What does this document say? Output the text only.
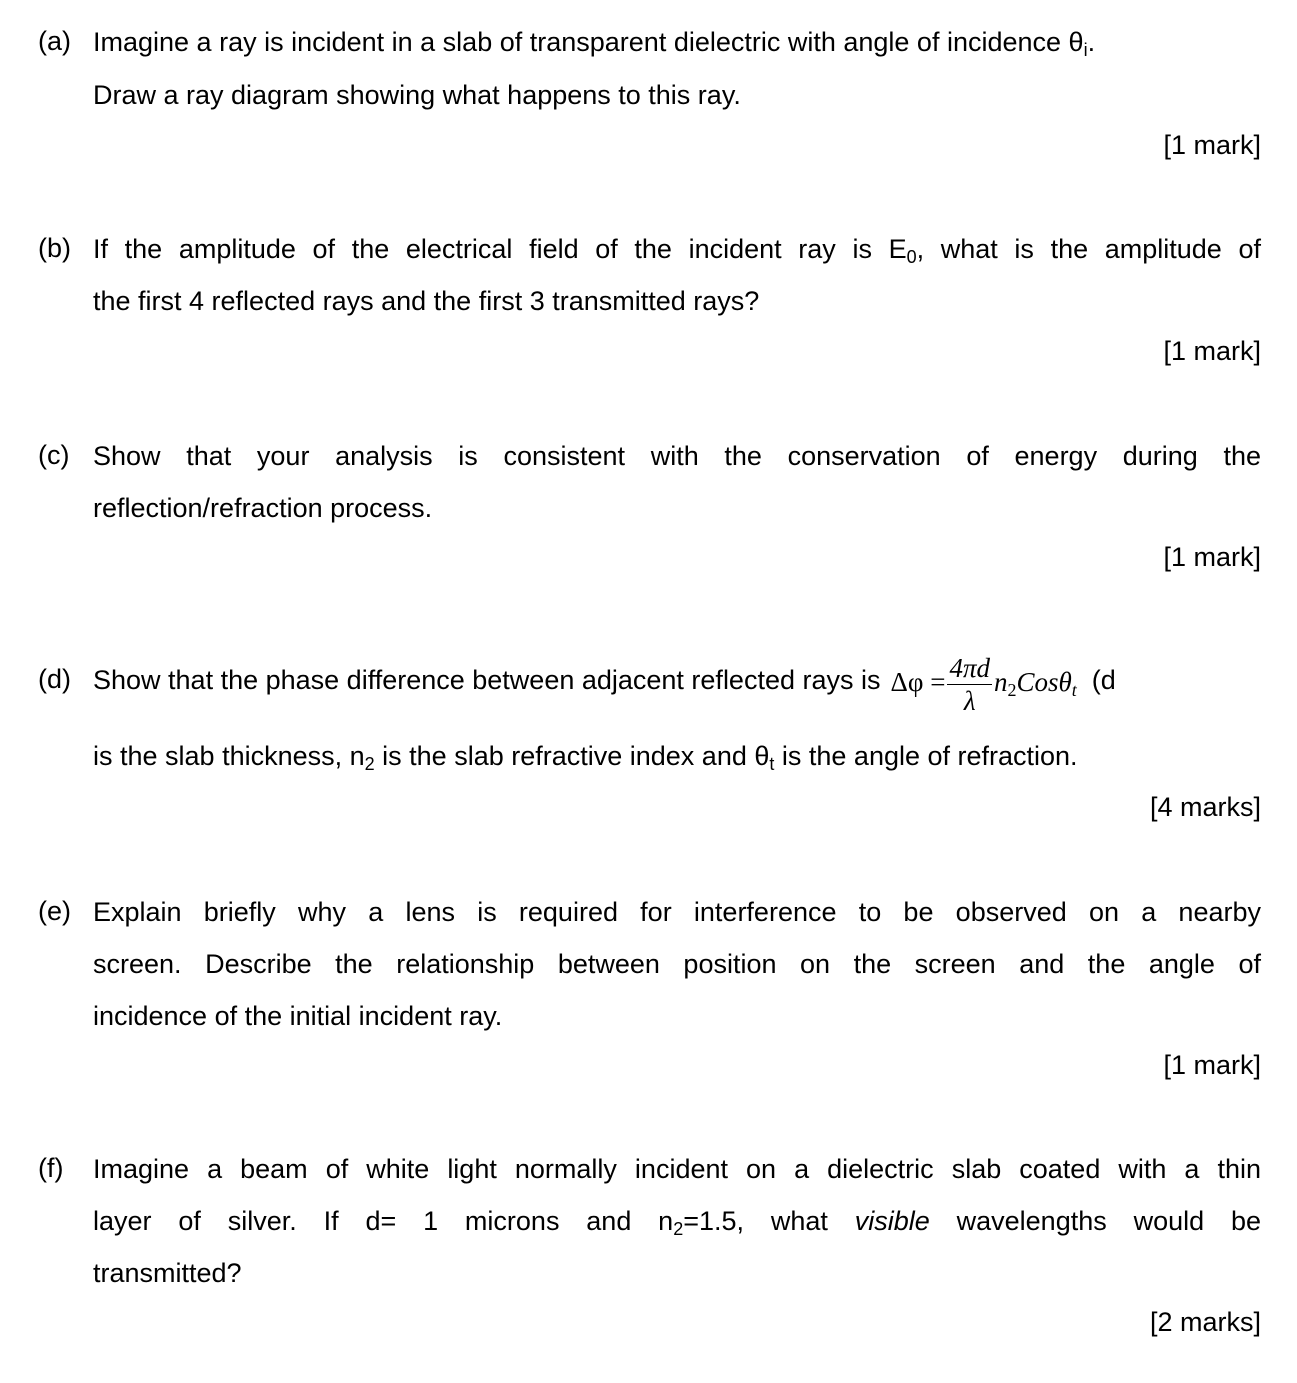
(a) Imagine a ray is incident in a slab of transparent dielectric with angle of incidence $\theta_i$.
Draw a ray diagram showing what happens to this ray.
[1 mark]
(b) If the amplitude of the electrical field of the incident ray is $E_0$, what is the amplitude of
the first 4 reflected rays and the first 3 transmitted rays?
[1 mark]
(c) Show that your analysis is consistent with the conservation of energy during the
reflection/refraction process.
[1 mark]
(d) Show that the phase difference between adjacent reflected rays is $\Delta\varphi = \frac{4\pi d}{\lambda} n_2Cos\theta_t$ (d
is the slab thickness, $n_2$ is the slab refractive index and $\theta_t$ is the angle of refraction.
[4 marks]
(e) Explain briefly why a lens is required for interference to be observed on a nearby
screen. Describe the relationship between position on the screen and the angle of
incidence of the initial incident ray.
[1 mark]
(f) Imagine a beam of white light normally incident on a dielectric slab coated with a thin
layer of silver. If d= 1 microns and $n_2=1.5$, what visible wavelengths would be
transmitted?
[2 marks]
